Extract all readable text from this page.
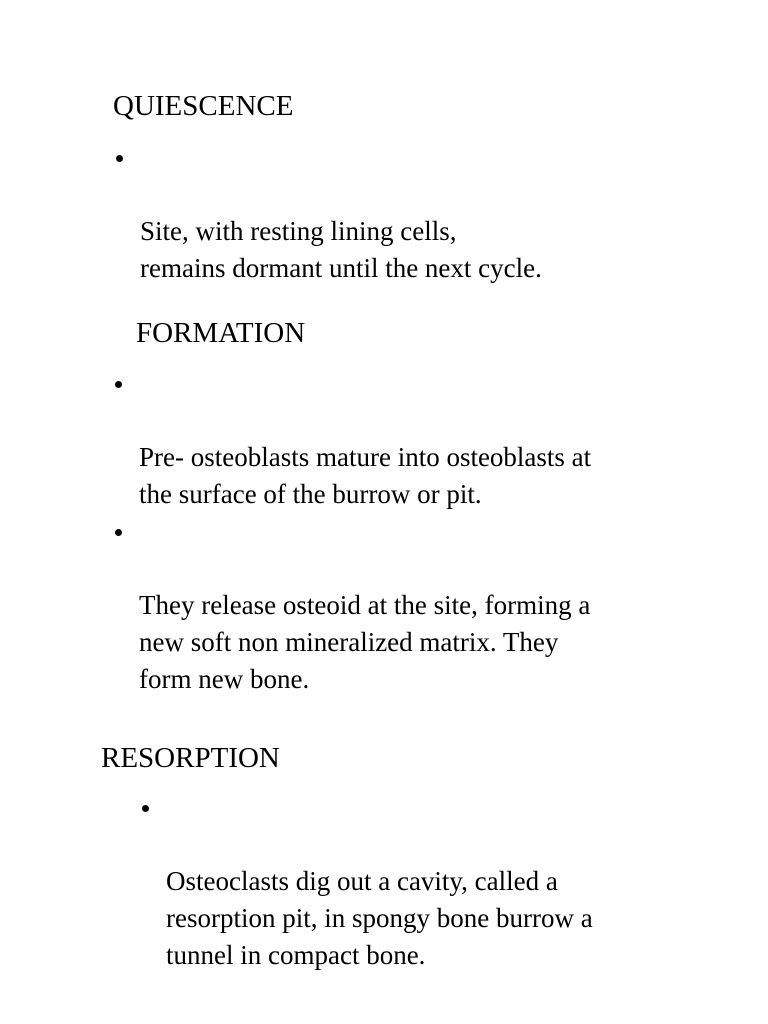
QUIESCENCE

Site, with resting lining cells,
remains dormant until the next cycle.

FORMATION

Pre- osteoblasts mature into osteoblasts at
the surface of the burrow or pit.

They release osteoid at the site, forming a
new soft non mineralized matrix. They
form new bone.

RESORPTION

Osteoclasts dig out a cavity, called a
resorption pit, in spongy bone burrow a
tunnel in compact bone.
